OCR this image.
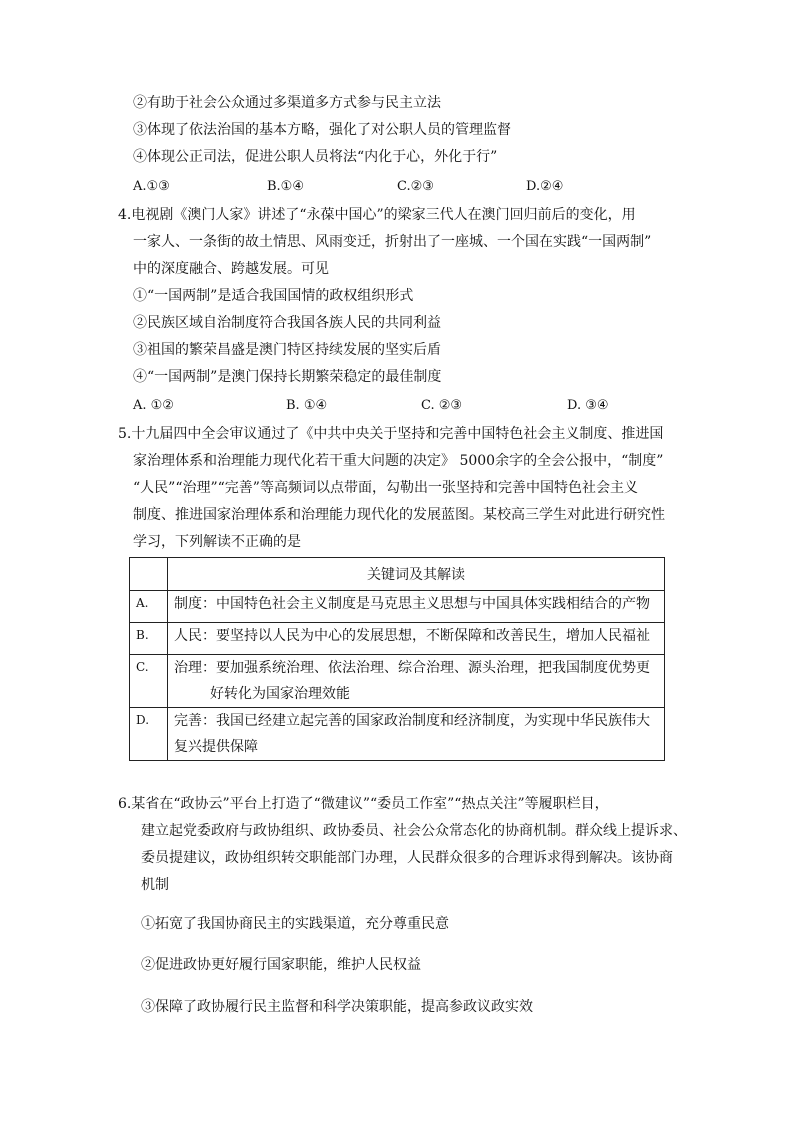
②有助于社会公众通过多渠道多方式参与民主立法
③体现了依法治国的基本方略，强化了对公职人员的管理监督
④体现公正司法，促进公职人员将法“内化于心，外化于行”
A.①③	B.①④	C.②③	D.②④
4.电视剧《澳门人家》讲述了“永葆中国心”的梁家三代人在澳门回归前后的变化，用
一家人、一条街的故土情思、风雨变迁，折射出了一座城、一个国在实践“一国两制”
中的深度融合、跨越发展。可见
①“一国两制”是适合我国国情的政权组织形式
②民族区域自治制度符合我国各族人民的共同利益
③祖国的繁荣昌盛是澳门特区持续发展的坚实后盾
④“一国两制”是澳门保持长期繁荣稳定的最佳制度
A. ①②	B. ①④	C. ②③	D. ③④
5.十九届四中全会审议通过了《中共中央关于坚持和完善中国特色社会主义制度、推进国
家治理体系和治理能力现代化若干重大问题的决定》 5000余字的全会公报中，“制度”
“人民”“治理”“完善”等高频词以点带面，勾勒出一张坚持和完善中国特色社会主义
制度、推进国家治理体系和治理能力现代化的发展蓝图。某校高三学生对此进行研究性
学习，下列解读不正确的是
	关键词及其解读
A.	制度：中国特色社会主义制度是马克思主义思想与中国具体实践相结合的产物
B.	人民：要坚持以人民为中心的发展思想，不断保障和改善民生，增加人民福祉
C.	治理：要加强系统治理、依法治理、综合治理、源头治理，把我国制度优势更
好转化为国家治理效能

D.	完善：我国已经建立起完善的国家政治制度和经济制度，为实现中华民族伟大
复兴提供保障
6.某省在“政协云”平台上打造了“微建议”“委员工作室”“热点关注”等履职栏目，
建立起党委政府与政协组织、政协委员、社会公众常态化的协商机制。群众线上提诉求、
委员提建议，政协组织转交职能部门办理，人民群众很多的合理诉求得到解决。该协商
机制
①拓宽了我国协商民主的实践渠道，充分尊重民意
②促进政协更好履行国家职能，维护人民权益
③保障了政协履行民主监督和科学决策职能，提高参政议政实效
